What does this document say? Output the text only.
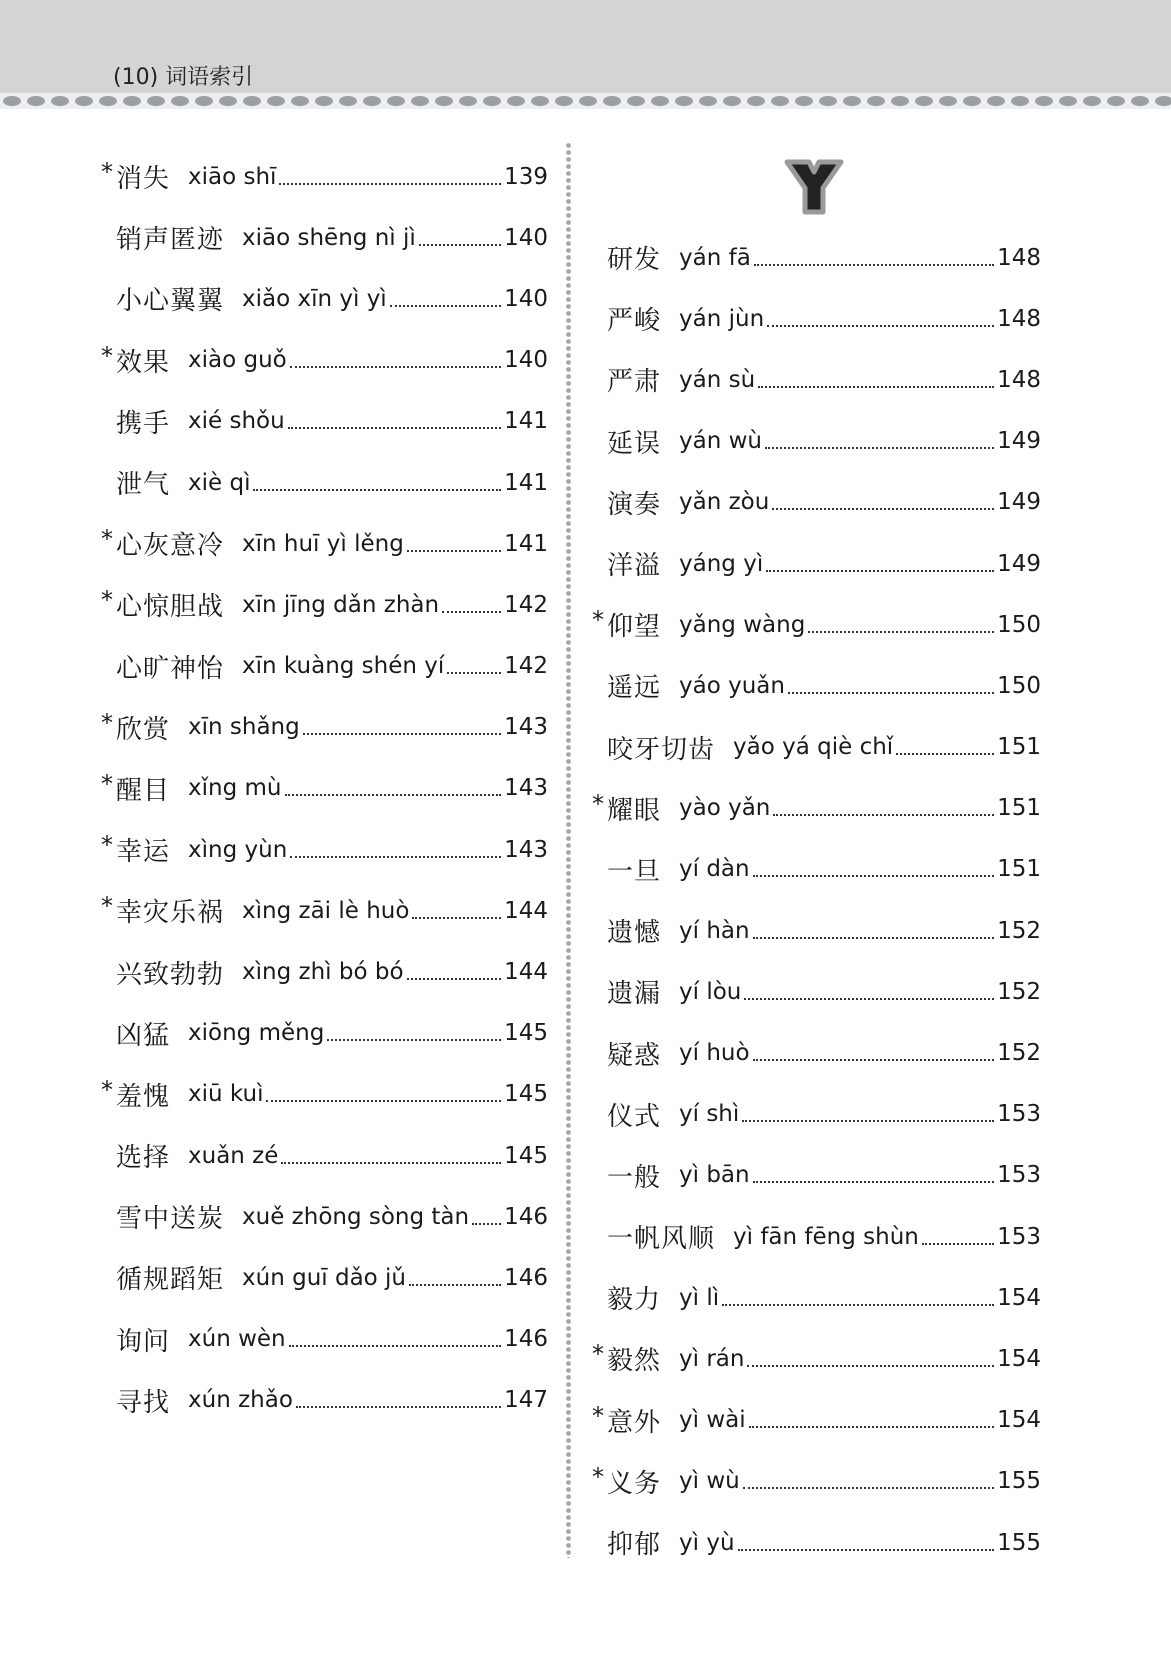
(10) 词语索引
Y
* 消失 xiāo shī	139
销声匿迹 xiāo shēng nì jì	140
小心翼翼 xiǎo xīn yì yì	140
* 效果 xiào guǒ	140
携手 xié shǒu	141
泄气 xiè qì	141
* 心灰意冷 xīn huī yì lěng	141
* 心惊胆战 xīn jīng dǎn zhàn	142
心旷神怡 xīn kuàng shén yí	142
* 欣赏 xīn shǎng	143
* 醒目 xǐng mù	143
* 幸运 xìng yùn	143
* 幸灾乐祸 xìng zāi lè huò	144
兴致勃勃 xìng zhì bó bó	144
凶猛 xiōng měng	145
* 羞愧 xiū kuì	145
选择 xuǎn zé	145
雪中送炭 xuě zhōng sòng tàn 146
循规蹈矩 xún guī dǎo jǔ	146
询问 xún wèn	146
寻找 xún zhǎo	147
研发 yán fā	148
严峻 yán jùn	148
严肃 yán sù	148
延误 yán wù	149
演奏 yǎn zòu	149
洋溢 yáng yì	149
* 仰望 yǎng wàng	150
遥远 yáo yuǎn	150
咬牙切齿 yǎo yá qiè chǐ	151
* 耀眼 yào yǎn	151
一旦 yí dàn	151
遗憾 yí hàn	152
遗漏 yí lòu	152
疑惑 yí huò	152
仪式 yí shì	153
一般 yì bān	153
一帆风顺 yì fān fēng shùn	153
毅力 yì lì	154
* 毅然 yì rán	154
* 意外 yì wài	154
* 义务 yì wù	155
抑郁 yì yù	155
